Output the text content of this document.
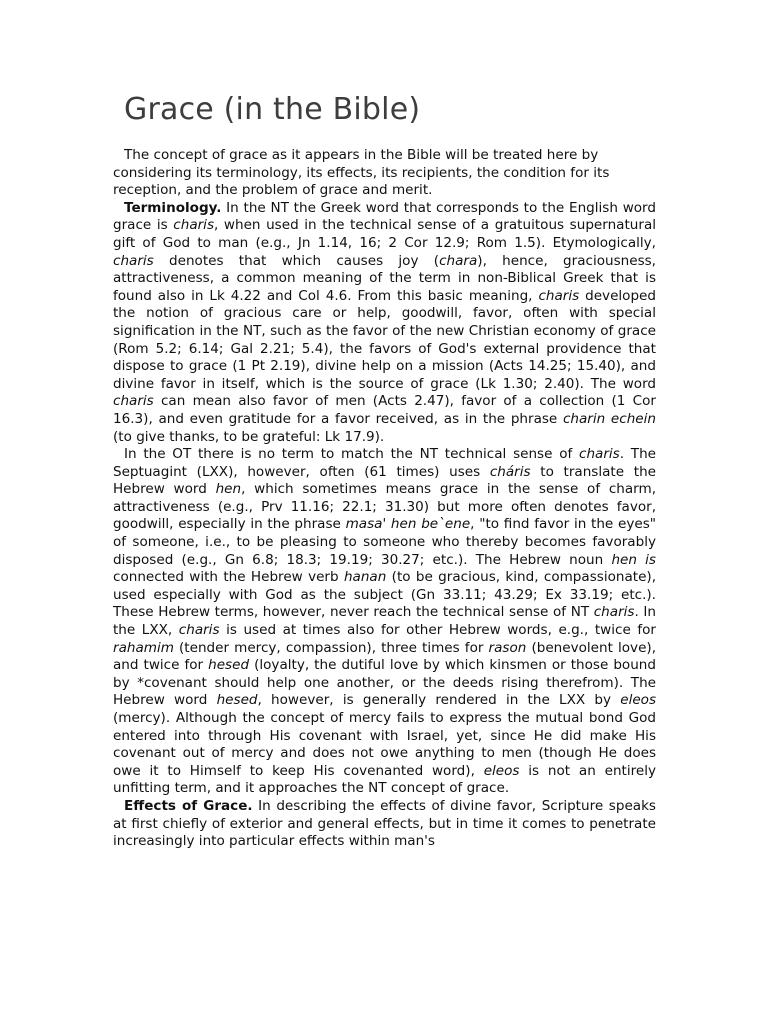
Grace (in the Bible)

The concept of grace as it appears in the Bible will be treated here by considering its terminology, its effects, its recipients, the condition for its reception, and the problem of grace and merit.

Terminology. In the NT the Greek word that corresponds to the English word grace is charis, when used in the technical sense of a gratuitous supernatural gift of God to man (e.g., Jn 1.14, 16; 2 Cor 12.9; Rom 1.5). Etymologically, charis denotes that which causes joy (chara), hence, graciousness, attractiveness, a common meaning of the term in non-Biblical Greek that is found also in Lk 4.22 and Col 4.6. From this basic meaning, charis developed the notion of gracious care or help, goodwill, favor, often with special signification in the NT, such as the favor of the new Christian economy of grace (Rom 5.2; 6.14; Gal 2.21; 5.4), the favors of God's external providence that dispose to grace (1 Pt 2.19), divine help on a mission (Acts 14.25; 15.40), and divine favor in itself, which is the source of grace (Lk 1.30; 2.40). The word charis can mean also favor of men (Acts 2.47), favor of a collection (1 Cor 16.3), and even gratitude for a favor received, as in the phrase charin echein (to give thanks, to be grateful: Lk 17.9).

In the OT there is no term to match the NT technical sense of charis. The Septuagint (LXX), however, often (61 times) uses cháris to translate the Hebrew word hen, which sometimes means grace in the sense of charm, attractiveness (e.g., Prv 11.16; 22.1; 31.30) but more often denotes favor, goodwill, especially in the phrase masa' hen be`ene, "to find favor in the eyes" of someone, i.e., to be pleasing to someone who thereby becomes favorably disposed (e.g., Gn 6.8; 18.3; 19.19; 30.27; etc.). The Hebrew noun hen is connected with the Hebrew verb hanan (to be gracious, kind, compassionate), used especially with God as the subject (Gn 33.11; 43.29; Ex 33.19; etc.). These Hebrew terms, however, never reach the technical sense of NT charis. In the LXX, charis is used at times also for other Hebrew words, e.g., twice for rahamim (tender mercy, compassion), three times for rason (benevolent love), and twice for hesed (loyalty, the dutiful love by which kinsmen or those bound by *covenant should help one another, or the deeds rising therefrom). The Hebrew word hesed, however, is generally rendered in the LXX by eleos (mercy). Although the concept of mercy fails to express the mutual bond God entered into through His covenant with Israel, yet, since He did make His covenant out of mercy and does not owe anything to men (though He does owe it to Himself to keep His covenanted word), eleos is not an entirely unfitting term, and it approaches the NT concept of grace.

Effects of Grace. In describing the effects of divine favor, Scripture speaks at first chiefly of exterior and general effects, but in time it comes to penetrate increasingly into particular effects within man's
